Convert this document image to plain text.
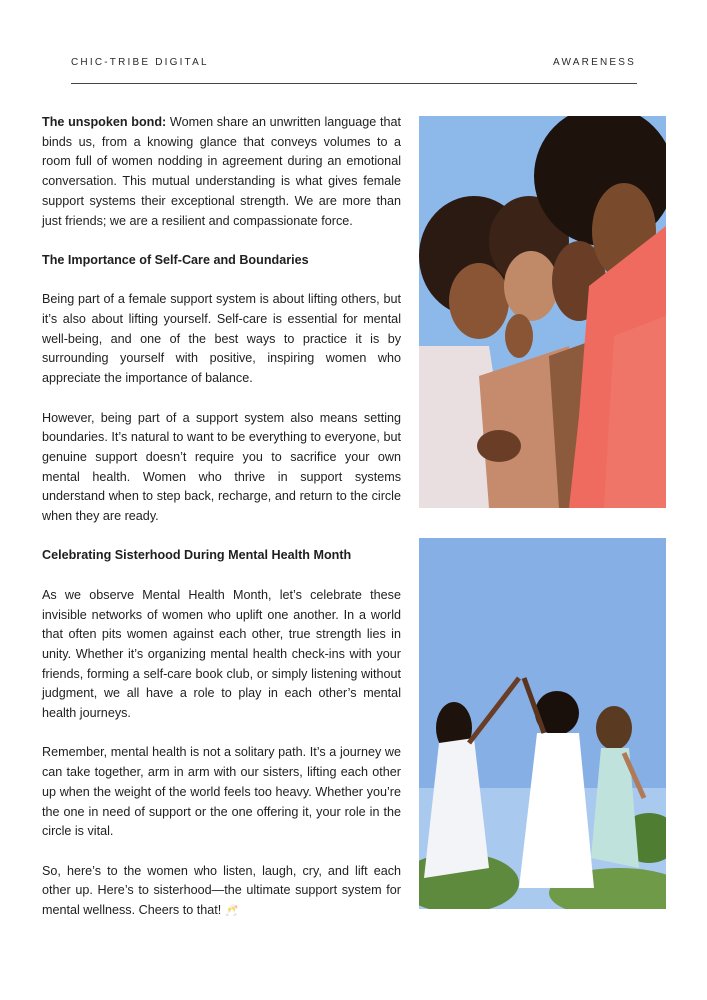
CHIC-TRIBE DIGITAL	AWARENESS

The unspoken bond: Women share an unwritten language that binds us, from a knowing glance that conveys volumes to a room full of women nodding in agreement during an emotional conversation. This mutual understanding is what gives female support systems their exceptional strength. We are more than just friends; we are a resilient and compassionate force.

The Importance of Self-Care and Boundaries

Being part of a female support system is about lifting others, but it’s also about lifting yourself. Self-care is essential for mental well-being, and one of the best ways to practice it is by surrounding yourself with positive, inspiring women who appreciate the importance of balance.

However, being part of a support system also means setting boundaries. It’s natural to want to be everything to everyone, but genuine support doesn’t require you to sacrifice your own mental health. Women who thrive in support systems understand when to step back, recharge, and return to the circle when they are ready.

Celebrating Sisterhood During Mental Health Month

As we observe Mental Health Month, let’s celebrate these invisible networks of women who uplift one another. In a world that often pits women against each other, true strength lies in unity. Whether it’s organizing mental health check-ins with your friends, forming a self-care book club, or simply listening without judgment, we all have a role to play in each other’s mental health journeys.

Remember, mental health is not a solitary path. It’s a journey we can take together, arm in arm with our sisters, lifting each other up when the weight of the world feels too heavy. Whether you’re the one in need of support or the one offering it, your role in the circle is vital.

So, here’s to the women who listen, laugh, cry, and lift each other up. Here’s to sisterhood—the ultimate support system for mental wellness. Cheers to that! 🥂
